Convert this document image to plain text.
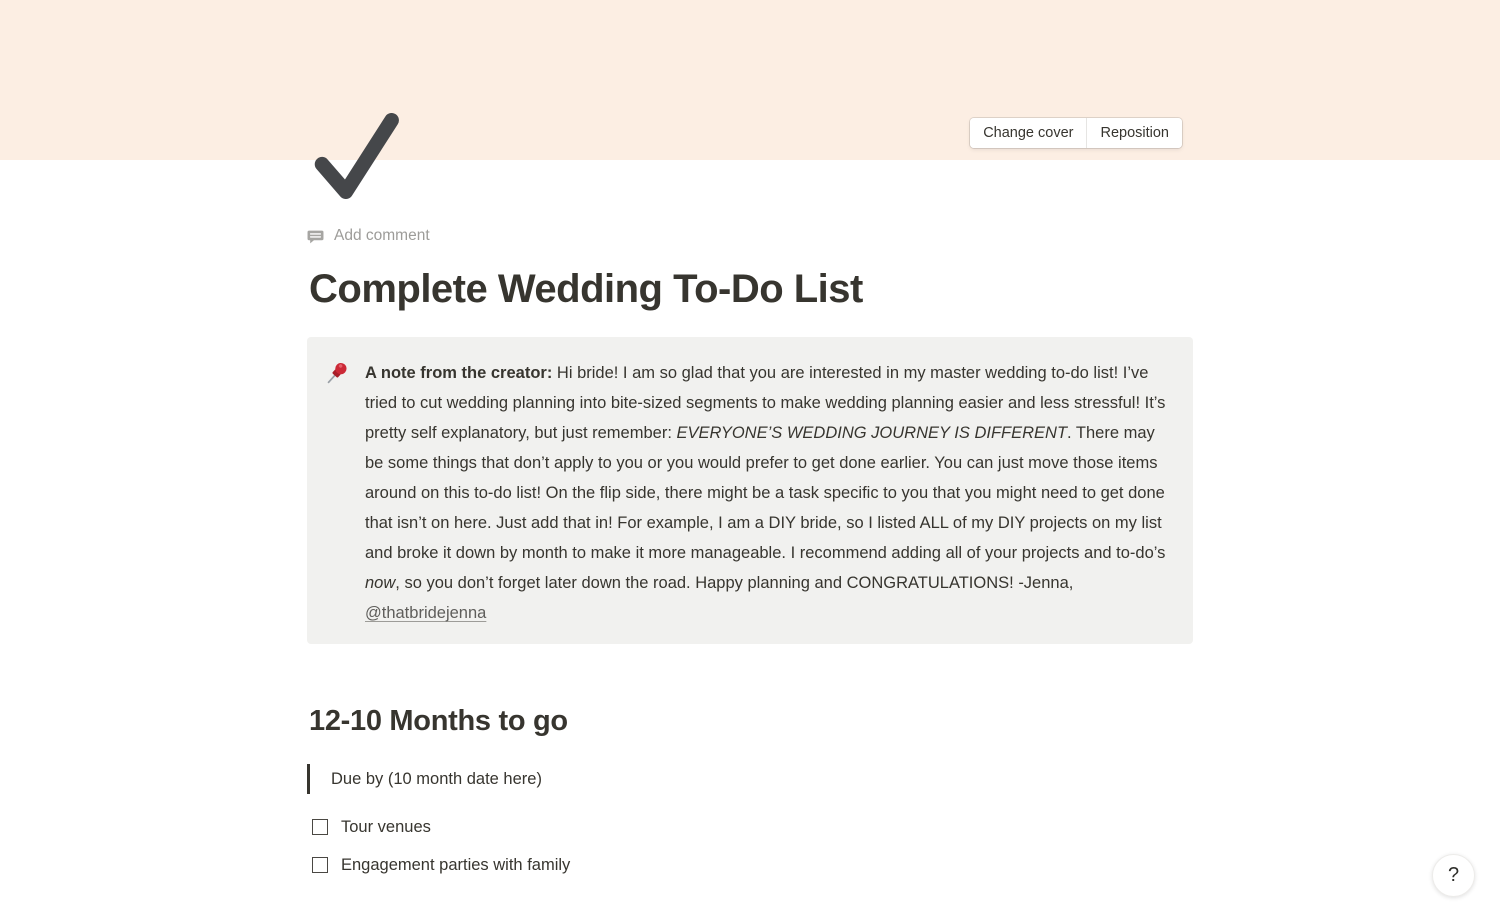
Change cover	Reposition
Add comment
Complete Wedding To-Do List
A note from the creator: Hi bride! I am so glad that you are interested in my master wedding to-do list! I’ve tried to cut wedding planning into bite-sized segments to make wedding planning easier and less stressful! It’s pretty self explanatory, but just remember: EVERYONE’S WEDDING JOURNEY IS DIFFERENT. There may be some things that don’t apply to you or you would prefer to get done earlier. You can just move those items around on this to-do list! On the flip side, there might be a task specific to you that you might need to get done that isn’t on here. Just add that in! For example, I am a DIY bride, so I listed ALL of my DIY projects on my list and broke it down by month to make it more manageable. I recommend adding all of your projects and to-do’s now, so you don’t forget later down the road. Happy planning and CONGRATULATIONS! -Jenna, @thatbridejenna
12-10 Months to go
Due by (10 month date here)
Tour venues
Engagement parties with family	?
